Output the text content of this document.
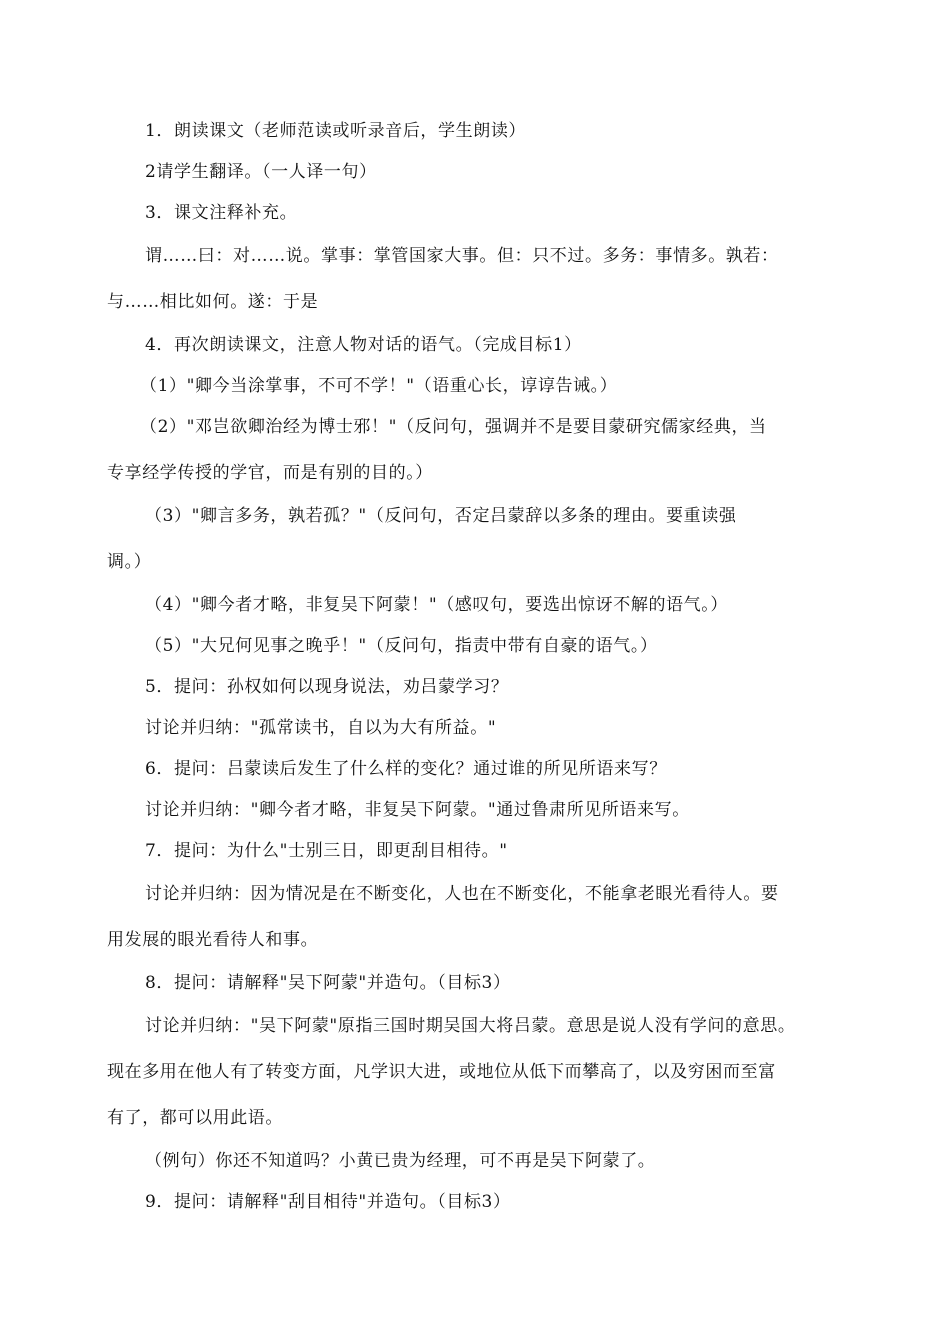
1．朗读课文（老师范读或听录音后，学生朗读）
2请学生翻译。（一人译一句）
3．课文注释补充。
谓……曰：对……说。掌事：掌管国家大事。但：只不过。多务：事情多。孰若：
与……相比如何。遂：于是
4．再次朗读课文，注意人物对话的语气。（完成目标1）
（1）"卿今当涂掌事，不可不学！"（语重心长，谆谆告诫。）
（2）"邓岂欲卿治经为博士邪！"（反问句，强调并不是要目蒙研究儒家经典，当
专享经学传授的学官，而是有别的目的。）
（3）"卿言多务，孰若孤？"（反问句，否定吕蒙辞以多条的理由。要重读强
调。）
（4）"卿今者才略，非复吴下阿蒙！"（感叹句，要选出惊讶不解的语气。）
（5）"大兄何见事之晚乎！"（反问句，指责中带有自豪的语气。）
5．提问：孙权如何以现身说法，劝吕蒙学习？
讨论并归纳："孤常读书，自以为大有所益。"
6．提问：吕蒙读后发生了什么样的变化？通过谁的所见所语来写？
讨论并归纳："卿今者才略，非复吴下阿蒙。"通过鲁肃所见所语来写。
7．提问：为什么"士别三日，即更刮目相待。"
讨论并归纳：因为情况是在不断变化，人也在不断变化，不能拿老眼光看待人。要
用发展的眼光看待人和事。
8．提问：请解释"吴下阿蒙"并造句。（目标3）
讨论并归纳："吴下阿蒙"原指三国时期吴国大将吕蒙。意思是说人没有学问的意思。
现在多用在他人有了转变方面，凡学识大进，或地位从低下而攀高了，以及穷困而至富
有了，都可以用此语。
（例句）你还不知道吗？小黄已贵为经理，可不再是吴下阿蒙了。
9．提问：请解释"刮目相待"并造句。（目标3）
